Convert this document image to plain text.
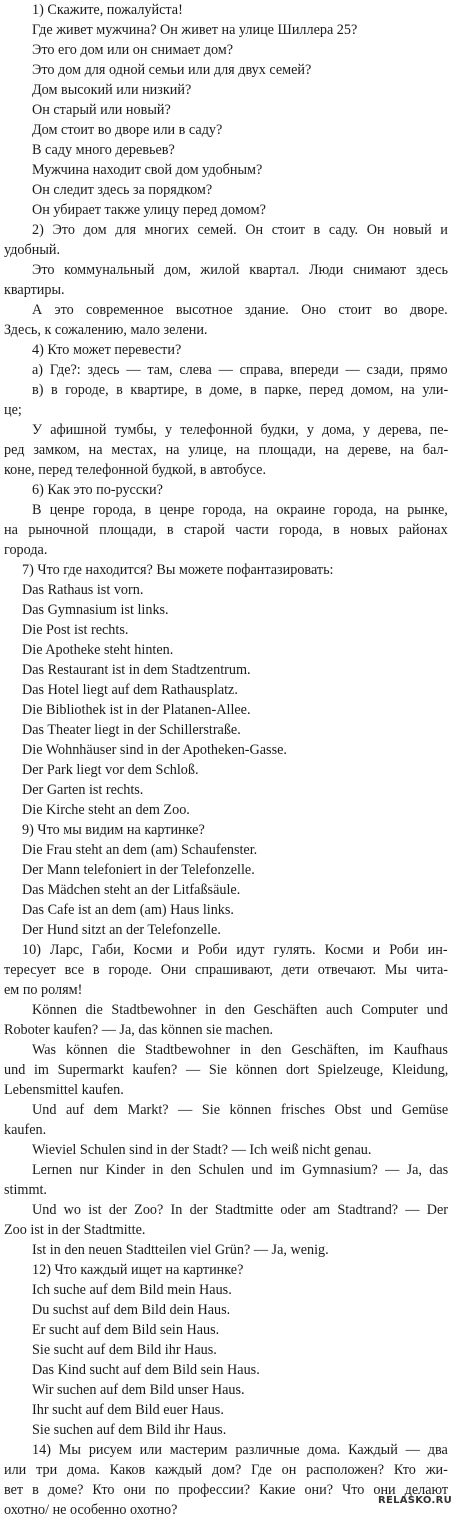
1) Скажите, пожалуйста!
Где живет мужчина? Он живет на улице Шиллера 25?
Это его дом или он снимает дом?
Это дом для одной семьи или для двух семей?
Дом высокий или низкий?
Он старый или новый?
Дом стоит во дворе или в саду?
В саду много деревьев?
Мужчина находит свой дом удобным?
Он следит здесь за порядком?
Он убирает также улицу перед домом?
2) Это дом для многих семей. Он стоит в саду. Он новый и
удобный.
Это коммунальный дом, жилой квартал. Люди снимают здесь
квартиры.
А это современное высотное здание. Оно стоит во дворе.
Здесь, к сожалению, мало зелени.
4) Кто может перевести?
а) Где?: здесь — там, слева — справа, впереди — сзади, прямо
в) в городе, в квартире, в доме, в парке, перед домом, на ули-
це;
У афишной тумбы, у телефонной будки, у дома, у дерева, пе-
ред замком, на местах, на улице, на площади, на дереве, на бал-
коне, перед телефонной будкой, в автобусе.
6) Как это по-русски?
В ценре города, в ценре города, на окраине города, на рынке,
на рыночной площади, в старой части города, в новых районах
города.
7) Что где находится? Вы можете пофантазировать:
Das Rathaus ist vorn.
Das Gymnasium ist links.
Die Post ist rechts.
Die Apotheke steht hinten.
Das Restaurant ist in dem Stadtzentrum.
Das Hotel liegt auf dem Rathausplatz.
Die Bibliothek ist in der Platanen-Allee.
Das Theater liegt in der Schillerstraße.
Die Wohnhäuser sind in der Apotheken-Gasse.
Der Park liegt vor dem Schloß.
Der Garten ist rechts.
Die Kirche steht an dem Zoo.
9) Что мы видим на картинке?
Die Frau steht an dem (am) Schaufenster.
Der Mann telefoniert in der Telefonzelle.
Das Mädchen steht an der Litfaßsäule.
Das Cafe ist an dem (am) Haus links.
Der Hund sitzt an der Telefonzelle.
10) Ларс, Габи, Косми и Роби идут гулять. Косми и Роби ин-
тересует все в городе. Они спрашивают, дети отвечают. Мы чита-
ем по ролям!
Können die Stadtbewohner in den Geschäften auch Computer und
Roboter kaufen? — Ja, das können sie machen.
Was können die Stadtbewohner in den Geschäften, im Kaufhaus
und im Supermarkt kaufen? — Sie können dort Spielzeuge, Kleidung,
Lebensmittel kaufen.
Und auf dem Markt? — Sie können frisches Obst und Gemüse
kaufen.
Wieviel Schulen sind in der Stadt? — Ich weiß nicht genau.
Lernen nur Kinder in den Schulen und im Gymnasium? — Ja, das
stimmt.
Und wo ist der Zoo? In der Stadtmitte oder am Stadtrand? — Der
Zoo ist in der Stadtmitte.
Ist in den neuen Stadtteilen viel Grün? — Ja, wenig.
12) Что каждый ищет на картинке?
Ich suche auf dem Bild mein Haus.
Du suchst auf dem Bild dein Haus.
Er sucht auf dem Bild sein Haus.
Sie sucht auf dem Bild ihr Haus.
Das Kind sucht auf dem Bild sein Haus.
Wir suchen auf dem Bild unser Haus.
Ihr sucht auf dem Bild euer Haus.
Sie suchen auf dem Bild ihr Haus.
14) Мы рисуем или мастерим различные дома. Каждый — два
или три дома. Каков каждый дом? Где он расположен? Кто жи-
вет в доме? Кто они по профессии? Какие они? Что они делают
охотно/ не особенно охотно?
RELASKO.RU
